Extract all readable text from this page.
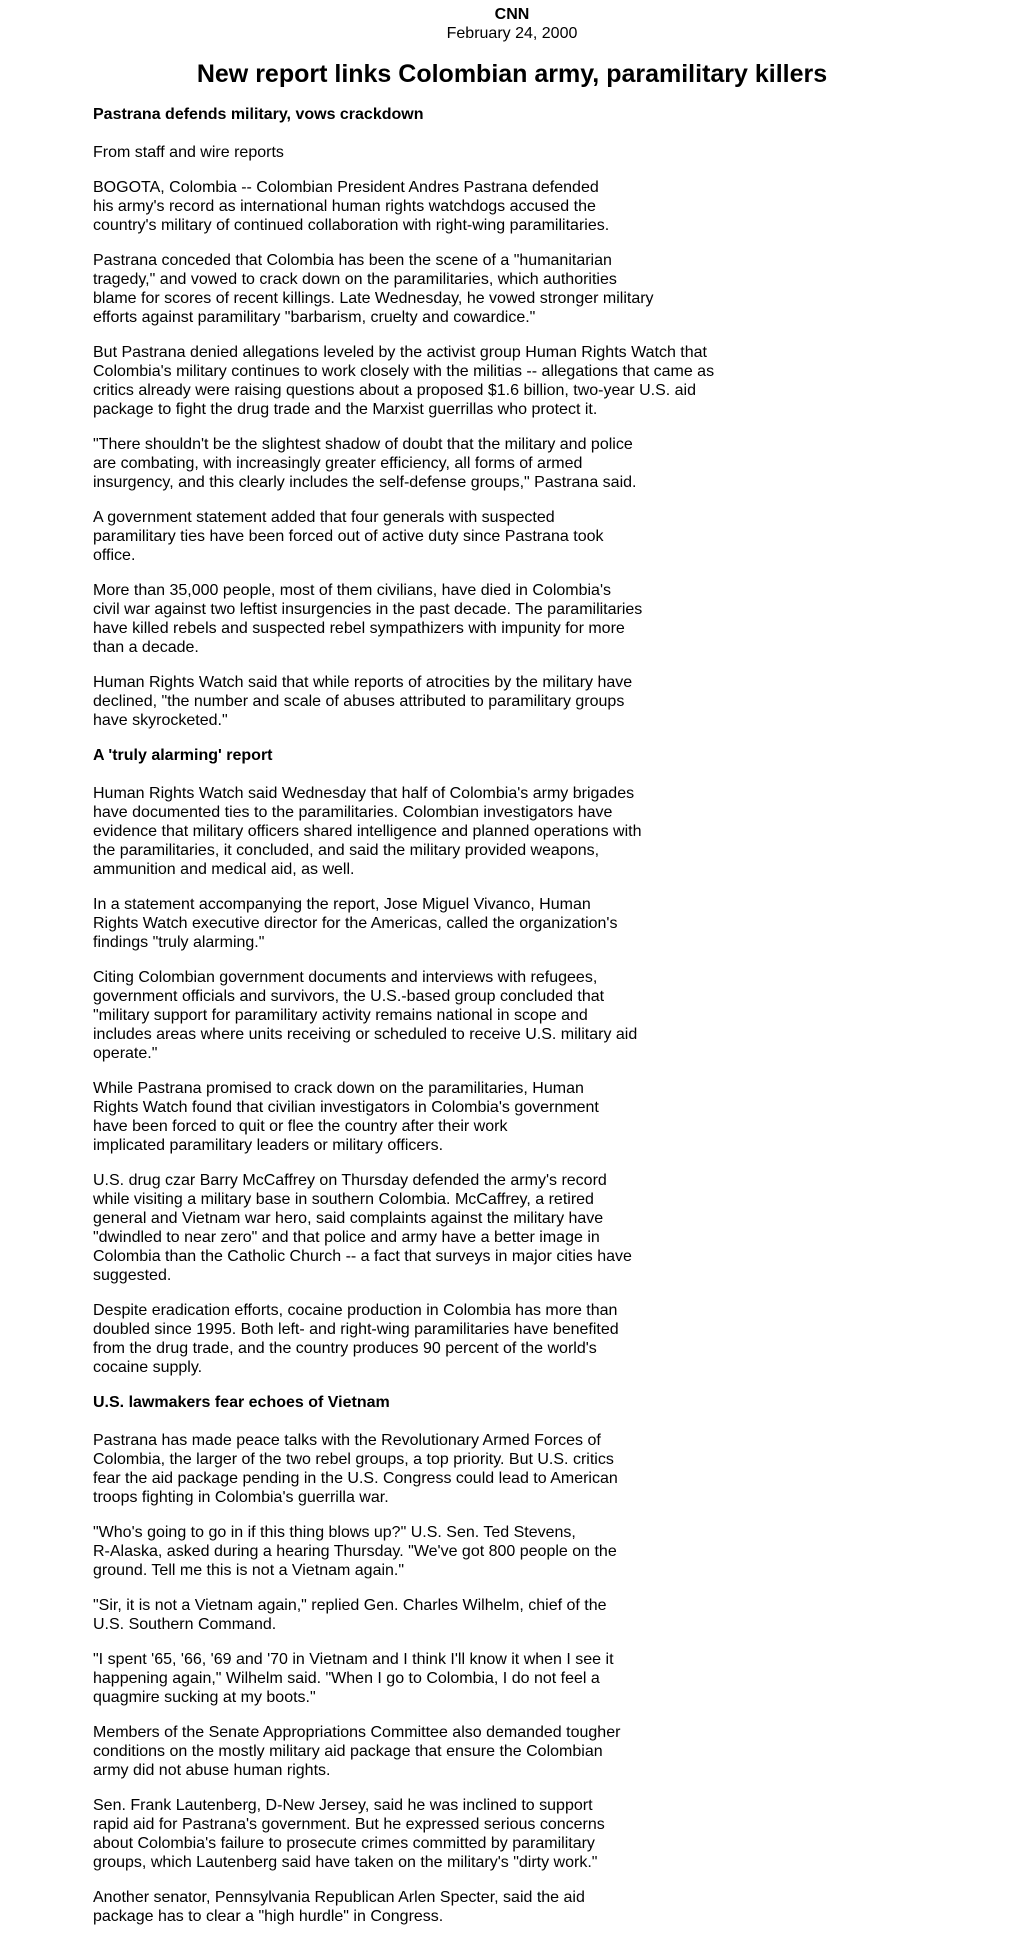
CNN
February 24, 2000
New report links Colombian army, paramilitary killers
Pastrana defends military, vows crackdown
From staff and wire reports
BOGOTA, Colombia -- Colombian President Andres Pastrana defended
his army's record as international human rights watchdogs accused the
country's military of continued collaboration with right-wing paramilitaries.
Pastrana conceded that Colombia has been the scene of a "humanitarian
tragedy," and vowed to crack down on the paramilitaries, which authorities
blame for scores of recent killings. Late Wednesday, he vowed stronger military
efforts against paramilitary "barbarism, cruelty and cowardice."
But Pastrana denied allegations leveled by the activist group Human Rights Watch that
Colombia's military continues to work closely with the militias -- allegations that came as
critics already were raising questions about a proposed $1.6 billion, two-year U.S. aid
package to fight the drug trade and the Marxist guerrillas who protect it.
"There shouldn't be the slightest shadow of doubt that the military and police
are combating, with increasingly greater efficiency, all forms of armed
insurgency, and this clearly includes the self-defense groups," Pastrana said.
A government statement added that four generals with suspected
paramilitary ties have been forced out of active duty since Pastrana took
office.
More than 35,000 people, most of them civilians, have died in Colombia's
civil war against two leftist insurgencies in the past decade. The paramilitaries
have killed rebels and suspected rebel sympathizers with impunity for more
than a decade.
Human Rights Watch said that while reports of atrocities by the military have
declined, "the number and scale of abuses attributed to paramilitary groups
have skyrocketed."
A 'truly alarming' report
Human Rights Watch said Wednesday that half of Colombia's army brigades
have documented ties to the paramilitaries. Colombian investigators have
evidence that military officers shared intelligence and planned operations with
the paramilitaries, it concluded, and said the military provided weapons,
ammunition and medical aid, as well.
In a statement accompanying the report, Jose Miguel Vivanco, Human
Rights Watch executive director for the Americas, called the organization's
findings "truly alarming."
Citing Colombian government documents and interviews with refugees,
government officials and survivors, the U.S.-based group concluded that
"military support for paramilitary activity remains national in scope and
includes areas where units receiving or scheduled to receive U.S. military aid
operate."
While Pastrana promised to crack down on the paramilitaries, Human
Rights Watch found that civilian investigators in Colombia's government
have been forced to quit or flee the country after their work
implicated paramilitary leaders or military officers.
U.S. drug czar Barry McCaffrey on Thursday defended the army's record
while visiting a military base in southern Colombia. McCaffrey, a retired
general and Vietnam war hero, said complaints against the military have
"dwindled to near zero" and that police and army have a better image in
Colombia than the Catholic Church -- a fact that surveys in major cities have
suggested.
Despite eradication efforts, cocaine production in Colombia has more than
doubled since 1995. Both left- and right-wing paramilitaries have benefited
from the drug trade, and the country produces 90 percent of the world's
cocaine supply.
U.S. lawmakers fear echoes of Vietnam
Pastrana has made peace talks with the Revolutionary Armed Forces of
Colombia, the larger of the two rebel groups, a top priority. But U.S. critics
fear the aid package pending in the U.S. Congress could lead to American
troops fighting in Colombia's guerrilla war.
"Who's going to go in if this thing blows up?" U.S. Sen. Ted Stevens,
R-Alaska, asked during a hearing Thursday. "We've got 800 people on the
ground. Tell me this is not a Vietnam again."
"Sir, it is not a Vietnam again," replied Gen. Charles Wilhelm, chief of the
U.S. Southern Command.
"I spent '65, '66, '69 and '70 in Vietnam and I think I'll know it when I see it
happening again," Wilhelm said. "When I go to Colombia, I do not feel a
quagmire sucking at my boots."
Members of the Senate Appropriations Committee also demanded tougher
conditions on the mostly military aid package that ensure the Colombian
army did not abuse human rights.
Sen. Frank Lautenberg, D-New Jersey, said he was inclined to support
rapid aid for Pastrana's government. But he expressed serious concerns
about Colombia's failure to prosecute crimes committed by paramilitary
groups, which Lautenberg said have taken on the military's "dirty work."
Another senator, Pennsylvania Republican Arlen Specter, said the aid
package has to clear a "high hurdle" in Congress.
